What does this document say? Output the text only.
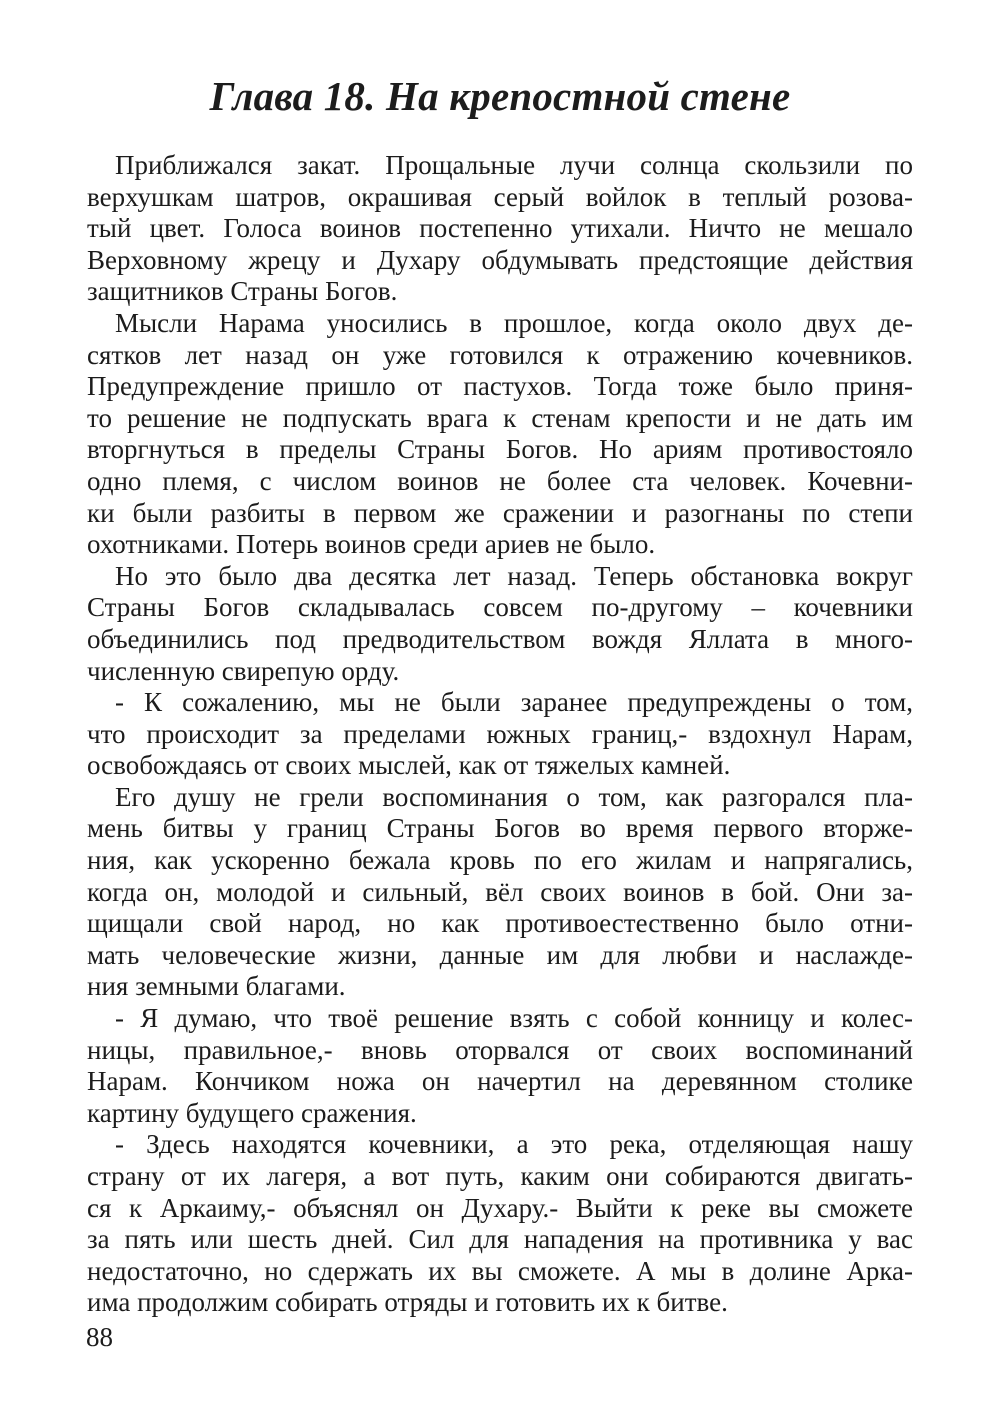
Глава 18. На крепостной стене
Приближался закат. Прощальные лучи солнца скользили по
верхушкам шатров, окрашивая серый войлок в теплый розова-
тый цвет. Голоса воинов постепенно утихали. Ничто не мешало
Верховному жрецу и Духару обдумывать предстоящие действия
защитников Страны Богов.
Мысли Нарама уносились в прошлое, когда около двух де-
сятков лет назад он уже готовился к отражению кочевников.
Предупреждение пришло от пастухов. Тогда тоже было приня-
то решение не подпускать врага к стенам крепости и не дать им
вторгнуться в пределы Страны Богов. Но ариям противостояло
одно племя, с числом воинов не более ста человек. Кочевни-
ки были разбиты в первом же сражении и разогнаны по степи
охотниками. Потерь воинов среди ариев не было.
Но это было два десятка лет назад. Теперь обстановка вокруг
Страны Богов складывалась совсем по-другому – кочевники
объединились под предводительством вождя Яллата в много-
численную свирепую орду.
- К сожалению, мы не были заранее предупреждены о том,
что происходит за пределами южных границ,- вздохнул Нарам,
освобождаясь от своих мыслей, как от тяжелых камней.
Его душу не грели воспоминания о том, как разгорался пла-
мень битвы у границ Страны Богов во время первого вторже-
ния, как ускоренно бежала кровь по его жилам и напрягались,
когда он, молодой и сильный, вёл своих воинов в бой. Они за-
щищали свой народ, но как противоестественно было отни-
мать человеческие жизни, данные им для любви и наслажде-
ния земными благами.
- Я думаю, что твоё решение взять с собой конницу и колес-
ницы, правильное,- вновь оторвался от своих воспоминаний
Нарам. Кончиком ножа он начертил на деревянном столике
картину будущего сражения.
- Здесь находятся кочевники, а это река, отделяющая нашу
страну от их лагеря, а вот путь, каким они собираются двигать-
ся к Аркаиму,- объяснял он Духару.- Выйти к реке вы сможете
за пять или шесть дней. Сил для нападения на противника у вас
недостаточно, но сдержать их вы сможете. А мы в долине Арка-
има продолжим собирать отряды и готовить их к битве.
88
